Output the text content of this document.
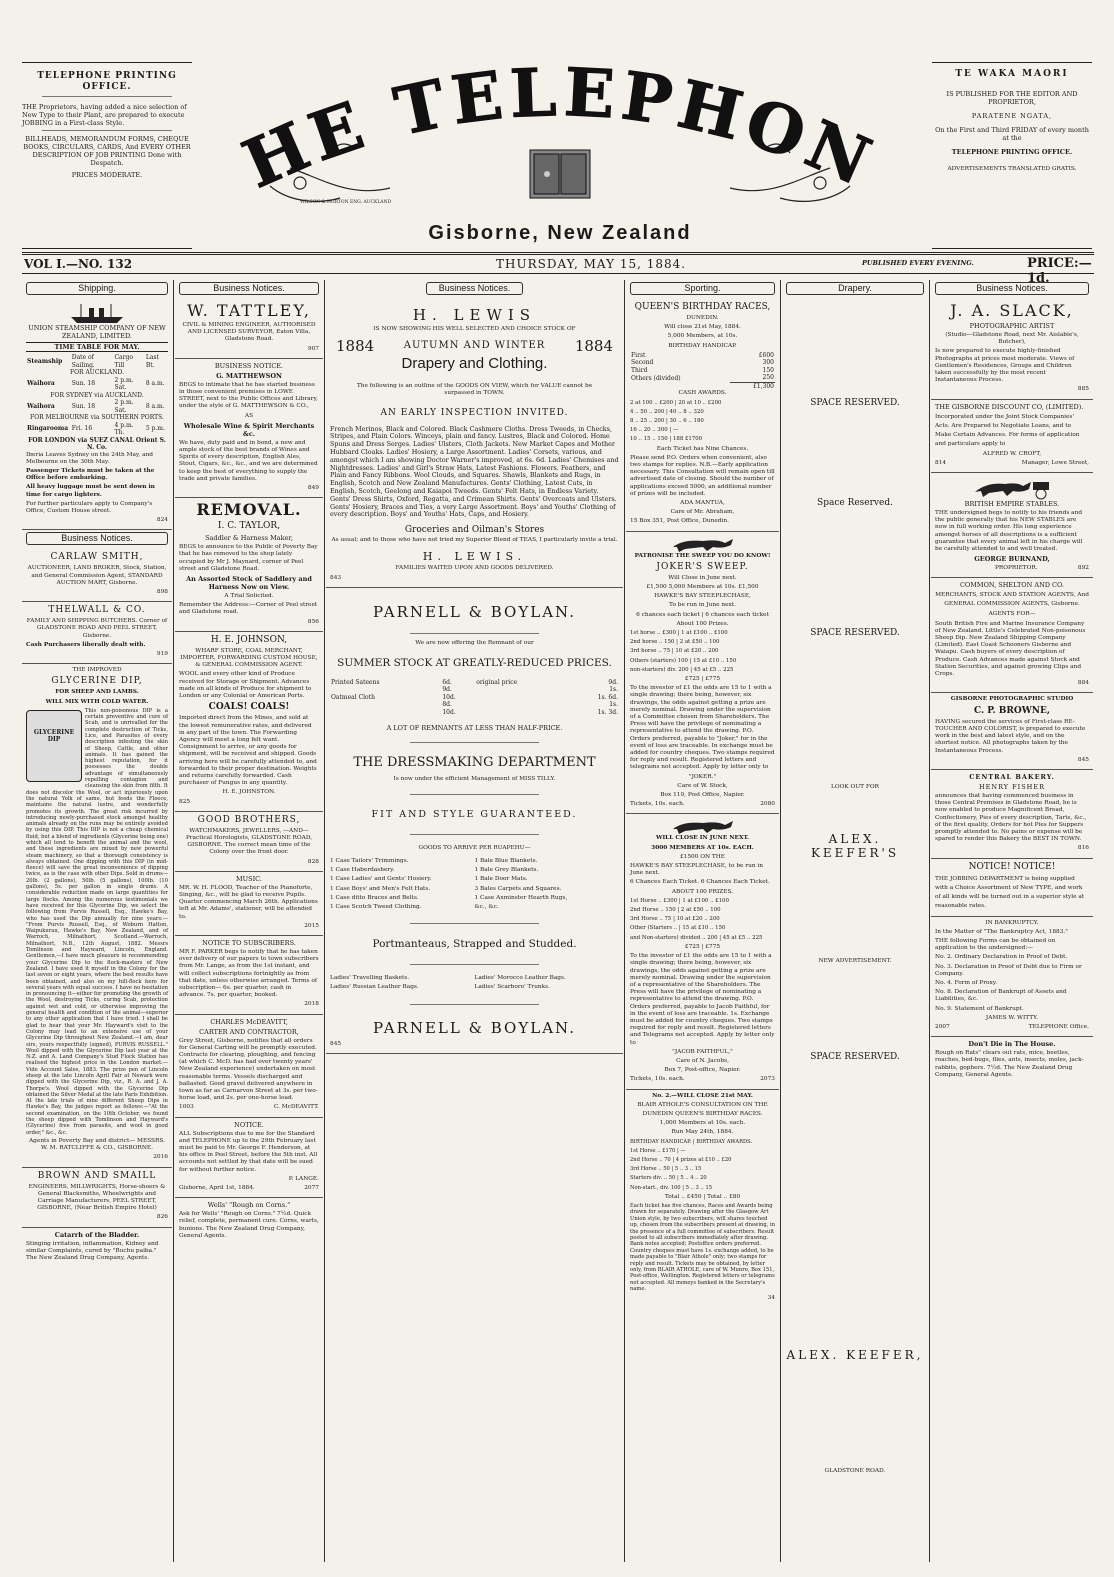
TELEPHONE PRINTING OFFICE.
THE Proprietors, having added a nice selection of New Type to their Plant, are prepared to execute JOBBING in a First-class Style.
BILLHEADS, MEMORANDUM FORMS, CHEQUE BOOKS, CIRCULARS, CARDS, And EVERY OTHER DESCRIPTION OF JOB PRINTING Done with Despatch.
PRICES MODERATE.	HE TELEPHON
WILSON & HORTON ENG. AUCKLAND
Gisborne, New Zealand
TE WAKA MAORI
IS PUBLISHED FOR THE EDITOR AND PROPRIETOR,
PARATENE NGATA,
On the First and Third FRIDAY of every month at the
TELEPHONE PRINTING OFFICE.
ADVERTISEMENTS TRANSLATED GRATIS.
VOL I.—NO. 132	THURSDAY, MAY 15, 1884.	PUBLISHED EVERY EVENING.	PRICE:—1d.
Shipping.

UNION STEAMSHIP COMPANY OF NEW ZEALAND, LIMITED.

TIME TABLE FOR MAY.

Steamship	Date of Sailing.	Cargo Till	Last Bt.
FOR AUCKLAND.			
Waihora	Sun. 18	2 p.m. Sat.	8 a.m.
FOR SYDNEY via AUCKLAND.			
Waihora	Sun. 18	2 p.m. Sat.	8 a.m.
FOR MELBOURNE via SOUTHERN PORTS.			
Ringarooma	Fri. 16	4 p.m. Th.	5 p.m.
FOR LONDON via SUEZ CANAL Orient S. N. Co.			

Iberia Leaves Sydney on the 24th May, and Melbourne on the 30th May.

Passenger Tickets must be taken at the Office before embarking.

All heavy luggage must be sent down in time for cargo lighters.

For further particulars apply to Company's Office, Custom House street.

824

Business Notices.

CARLAW SMITH,

AUCTIONEER, LAND BROKER, Stock, Station, and General Commission Agent, STANDARD AUCTION MART, Gisborne.

898

THELWALL & CO.

FAMILY AND SHIPPING BUTCHERS. Corner of GLADSTONE ROAD AND PEEL STREET, Gisborne.

Cash Purchasers liberally dealt with.

919

THE IMPROVED

GLYCERINE DIP,

FOR SHEEP AND LAMBS.

WILL MIX WITH COLD WATER.

GLYCERINE DIP

This non-poisonous DIP is a certain preventive and cure of Scab, and is unrivalled for the complete destruction of Ticks, Lice, and Parasites of every description infesting the skin of Sheep, Cattle, and other animals. It has gained the highest reputation, for it possesses the double advantage of simultaneously repelling contagion and cleansing the skin from filth. It does not discolor the Wool, or act injuriously upon the natural Yolk of same, but feeds the Fleece, maintains the natural lustre, and wonderfully promotes its growth. The great risk incurred by introducing newly-purchased stock amongst healthy animals already on the runs may be entirely avoided by using this DIP. This DIP is not a cheap chemical fluid, but a blend of ingredients (Glycerine being one) which all tend to benefit the animal and the wool, and these ingredients are mixed by new powerful steam machinery, so that a thorough consistency is always obtained. One dipping with this DIP (in mid-fleece) will save the great inconvenience of dipping twice, as is the case with other Dips. Sold in drums—20lb. (2 gallons), 50lb. (5 gallons), 100lb. (10 gallons), 5s. per gallon in single drums. A considerable reduction made on large quantities for large flocks. Among the numerous testimonials we have received for this Glycerine Dip, we select the following from Purvis Russell, Esq., Hawke's Bay, who has used the Dip annually for nine years:— "From Purvis Russell, Esq., of Woburn Hatton, Waipukurau, Hawke's Bay, New Zealand, and of Warroch, Milnathort, Scotland.—Warroch, Milnathort, N.B., 12th August, 1882. Messrs Tomlinson and Hayward, Lincoln, England. Gentlemen,—I have much pleasure in recommending your Glycerine Dip to the flock-masters of New Zealand. I have used it myself in the Colony for the last seven or eight years, where the best results have been obtained, and also on my hill-flock here for several years with equal success. I have no hesitation in pronouncing it—either for promoting the growth of the Wool, destroying Ticks, curing Scab, protection against wet and cold, or otherwise improving the general health and condition of the animal—superior to any other application that I have tried. I shall be glad to hear that your Mr. Hayward's visit to the Colony may lead to an extensive use of your Glycerine Dip throughout New Zealand.—I am, dear sirs, yours respectfully (signed), PURVIS RUSSELL." Wool dipped with the Glycerine Dip last year at the N.Z. and A. Land Company's Stud Flock Station has realised the highest price in the London market.—Vide Account Sales, 1883. The prize pen of Lincoln sheep at the late Lincoln April Fair at Newark were dipped with the Glycerine Dip, viz., R. A. and J. A. Thorpe's. Wool dipped with the Glycerine Dip obtained the Silver Medal at the late Paris Exhibition. At the late trials of nine different Sheep Dips in Hawke's Bay, the judges report as follows:—"At the second examination, on the 10th October, we found the sheep dipped with Tomlinson and Hayward's (Glycerine) free from parasite, and wool in good order," &c., &c.

Agents in Poverty Bay and district— MESSRS. W. M. RATCLIFFE & CO., GISBORNE.

2016

BROWN AND SMAILL

ENGINEERS, MILLWRIGHTS, Horse-shoers & General Blacksmiths, Wheelwrights and Carriage Manufacturers, PEEL STREET, GISBORNE, (Near British Empire Hotel)

826

Catarrh of the Bladder.

Stinging irritation, inflammation, Kidney and similar Complaints, cured by "Buchu paiba." The New Zealand Drug Company, Agents.

Business Notices.

W. TATTLEY,

CIVIL & MINING ENGINEER, AUTHORISED AND LICENSED SURVEYOR, Eaton Villa, Gladstone Road.

907

BUSINESS NOTICE.

G. MATTHEWSON

BEGS to intimate that he has started business in those convenient premises in LOWE STREET, next to the Public Offices and Library, under the style of G. MATTHEWSON & CO.,

AS

Wholesale Wine & Spirit Merchants &c.

We have, duty paid and in bond, a new and ample stock of the best brands of Wines and Spirits of every description, English Ales, Stout, Cigars, &c., &c., and we are determined to keep the best of everything to supply the trade and private families.

849

REMOVAL.

I. C. TAYLOR,

Saddler & Harness Maker,

BEGS to announce to the Public of Poverty Bay that he has removed to the shop lately occupied by Mr J. Maynard, corner of Peel street and Gladstone Road.

An Assorted Stock of Saddlery and Harness Now on View.

A Trial Solicited.

Remember the Address:—Corner of Peel street and Gladstone road.

856

H. E. JOHNSON,

WHARF STORE, COAL MERCHANT, IMPORTER, FORWARDING CUSTOM HOUSE, & GENERAL COMMISSION AGENT.

WOOL and every other kind of Produce received for Storage or Shipment. Advances made on all kinds of Produce for shipment to London or any Colonial or American Ports.

COALS! COALS!

Imported direct from the Mines, and sold at the lowest remunerative rates, and delivered in any part of the town. The Forwarding Agency will meet a long felt want. Consignment to arrive, or any goods for shipment, will be received and shipped. Goods arriving here will be carefully attended to, and forwarded to their proper destination. Weights and returns carefully forwarded. Cash purchaser of Fungus in any quantity.

H. E. JOHNSTON.

825

GOOD BROTHERS,

WATCHMAKERS, JEWELLERS, —AND— Practical Horologists, GLADSTONE ROAD, GISBORNE. The correct mean time of the Colony over the front door.

828

MUSIC.

MR. W. H. FLOOD, Teacher of the Pianoforte, Singing, &c., will be glad to receive Pupils. Quarter commencing March 26th. Applications left at Mr. Adams', stationer, will be attended to.

2015

NOTICE TO SUBSCRIBERS.

MR F. PARKER begs to notify that he has taken over delivery of our papers to town subscribers from Mr. Lange, as from the 1st instant, and will collect subscriptions fortnightly as from that date, unless otherwise arranged. Terms of subscription— 6s. per quarter, cash in advance. 7s. per quarter, booked.

2018

CHARLES McDEAVITT,

CARTER AND CONTRACTOR,

Grey Street, Gisborne, notifies that all orders for General Carting will be promptly executed. Contracts for clearing, ploughing, and fencing (at which C. McD. has had over twenty years' New Zealand experience) undertaken on most reasonable terms. Vessels discharged and ballasted. Good gravel delivered anywhere in town as far as Carnarvon Street at 3s. per two-horse load, and 2s. per one-horse load.

1003	C. McDEAVITT.

NOTICE.

ALL Subscriptions due to me for the Standard and TELEPHONE up to the 29th February last must be paid to Mr. George F. Henderson, at his office in Peel Street, before the 5th inst. All accounts not settled by that date will be sued for without further notice.

P. LANGE.

Gisborne, April 1st, 1884.	2077

Wells' "Rough on Corns."

Ask for Wells' "Rough on Corns." 7½d. Quick relief, complete, permanent cure. Corns, warts, bunions. The New Zealand Drug Company, General Agents.

Business Notices.

H. LEWIS

IS NOW SHOWING HIS WELL SELECTED AND CHOICE STOCK OF

1884	AUTUMN AND WINTER	1884

Drapery and Clothing.

The following is an outline of the GOODS ON VIEW, which for VALUE cannot be surpassed in TOWN.

AN EARLY INSPECTION INVITED.

French Merinos, Black and Colored. Black Cashmere Cloths. Dress Tweeds, in Checks, Stripes, and Plain Colors. Winceys, plain and fancy. Lustres, Black and Colored. Home Spuns and Dress Serges. Ladies' Ulsters, Cloth Jackets. New Market Capes and Mother Hubbard Cloaks. Ladies' Hosiery, a Large Assortment. Ladies' Corsets, various, and amongst which I am showing Doctor Warner's improved, at 6s. 6d. Ladies' Chemises and Nightdresses. Ladies' and Girl's Straw Hats, Latest Fashions. Flowers. Feathers, and Plain and Fancy Ribbons. Wool Clouds, and Squares. Shawls, Blankets and Rugs, in English, Scotch and New Zealand Manufactures. Gents' Clothing, Latest Cuts, in English, Scotch, Geelong and Kaiapoi Tweeds. Gents' Felt Hats, in Endless Variety. Gents' Dress Shirts, Oxford, Regatta, and Crimean Shirts. Gents' Overcoats and Ulsters. Gents' Hosiery, Braces and Ties, a very Large Assortment. Boys' and Youths' Clothing of every description. Boys' and Youths' Hats, Caps, and Hosiery.

Groceries and Oilman's Stores

As usual; and to those who have not tried my Superior Blend of TEAS, I particularly invite a trial.

H. LEWIS.

FAMILIES WAITED UPON AND GOODS DELIVERED.

843

PARNELL & BOYLAN.

We are now offering the Remnant of our

SUMMER STOCK AT GREATLY-REDUCED PRICES.

Printed Sateens	6d.	original price	9d.
	9d.		1s.
Oatmeal Cloth	10d.		1s. 6d.
	8d.		1s.
	10d.		1s. 3d.

A LOT OF REMNANTS AT LESS THAN HALF-PRICE.

THE DRESSMAKING DEPARTMENT

Is now under the efficient Management of MISS TILLY.

FIT AND STYLE GUARANTEED.

GOODS TO ARRIVE PER RUAPEHU—

1 Case Tailors' Trimmings.

1 Case Haberdashery.

1 Case Ladies' and Gents' Hosiery.

1 Case Boys' and Men's Felt Hats.

1 Case ditto Braces and Belts.

1 Case Scotch Tweed Clothing.

1 Bale Blue Blankets.

1 Bale Grey Blankets.

1 Bale Door Mats.

3 Bales Carpets and Squares.

1 Case Axminster Hearth Rugs,

&c., &c.

Portmanteaus, Strapped and Studded.

Ladies' Travelling Baskets.

Ladies' Russian Leather Bags.

Ladies' Morocco Leather Bags.

Ladies' Scarboro' Trunks.

PARNELL & BOYLAN.

845

Sporting.

QUEEN'S BIRTHDAY RACES,

DUNEDIN.

Will close 21st May, 1884.

5,000 Members, at 10s.

BIRTHDAY HANDICAP.

First	£600
Second	300
Third	150
Others (divided)	250
	£1,300

CASH AWARDS.

2 at 100 .. £200 | 20 at 10 .. £200

4 .. 50 .. 200 | 40 .. 8 .. 320

8 .. 25 .. 200 | 30 .. 6 .. 180

16 .. 20 .. 300 | —

10 .. 15 .. 150 | 188 £1700

Each Ticket has Nine Chances.

Please send P.O. Orders when convenient, also two stamps for replies. N.B.—Early application necessary. This Consultation will remain open till advertised date of closing. Should the number of applications exceed 5000, an additional number of prizes will be included.

ADA MANTUA,

Care of Mr. Abraham,

15 Box 351, Post Office, Dunedin.

PATRONISE THE SWEEP YOU DO KNOW!

JOKER'S SWEEP.

Will Close in June next.

£1,500 5,000 Members at 10s. £1,500

HAWKE'S BAY STEEPLECHASE,

To be run in June next.

6 chances each ticket | 6 chances each ticket

About 100 Prizes.

1st horse .. £300 | 1 at £100 .. £100

2nd horse .. 150 | 2 at £50 .. 100

3rd horse .. 75 | 10 at £20 .. 200

Others (starters) 100 | 15 at £10 .. 150

non-starters) div. 200 | 45 at £5 .. 225

£725 | £775

To the investor of £1 the odds are 15 to 1 with a single drawing; there being, however, six drawings, the odds against getting a prize are merely nominal. Drawing under the supervision of a Committee chosen from Shareholders. The Press will have the privilege of nominating a representative to attend the drawing. P.O. Orders preferred, payable to "Joker," for in the event of loss are traceable. In exchange must be added for country cheques. Two stamps required for reply and result. Registered letters and telegrams not accepted. Apply by letter only to

"JOKER."

Care of W. Stock,

Box 119, Post Office, Napier.

Tickets, 10s. each.	2080

WILL CLOSE IN JUNE NEXT.

3000 MEMBERS AT 10s. EACH.

£1500 ON THE

HAWKE'S BAY STEEPLECHASE, to be run in June next.

6 Chances Each Ticket. 6 Chances Each Ticket.

ABOUT 100 PRIZES.

1st Horse .. £300 | 1 at £100 .. £100

2nd Horse .. 150 | 2 at £50 .. 100

3rd Horse .. 75 | 10 at £20 .. 200

Other (Starters .. | 15 at £10 .. 150

and Non-starters) divided .. 200 | 45 at £5 .. 225

£725 | £775

To the investor of £1 the odds are 15 to 1 with a single drawing; there being, however, six drawings, the odds against getting a prize are merely nominal. Drawing under the supervision of a representative of the Shareholders. The Press will have the privilege of nominating a representative to attend the drawing. P.O. Orders preferred, payable to Jacob Faithful, for in the event of loss are traceable. 1s. Exchange must be added for country cheques. Two stamps required for reply and result. Registered letters and Telegrams not accepted. Apply by letter only to

"JACOB FAITHFUL,"

Care of N. Jacobs,

Box 7, Post-office, Napier.

Tickets, 10s. each.	2073

No. 2.—WILL CLOSE 21st MAY.

BLAIR ATHOLE'S CONSULTATION ON THE

DUNEDIN QUEEN'S BIRTHDAY RACES.

1,000 Members at 10s. each.

Run May 24th, 1884.

BIRTHDAY HANDICAP. | BIRTHDAY AWARDS.

1st Horse .. £170 | —

2nd Horse .. 70 | 4 prizes at £10 .. £20

3rd Horse .. 50 | 5 .. 3 .. 15

Starters div. .. 50 | 5 .. 4 .. 20

Non-start., div. 100 | 5 .. 3 .. 15

Total .. £450 | Total .. £80

Each ticket has five chances, Races and Awards being drawn for separately. Drawing after the Glasgow Art Union style, by two subscribers, will shares touched up, chosen from the subscribers present at drawing, in the presence of a full committee of subscribers. Result posted to all subscribers immediately after drawing. Bank notes accepted; Postoffice orders preferred. Country cheques must have 1s. exchange added, to be made payable to "Blair Athole" only; two stamps for reply and result. Tickets may be obtained, by letter only, from BLAIR ATHOLE, care of W. Munro, Box 151, Post-office, Wellington. Registered letters or telegrams not accepted. All moneys banked in the Secretary's name.

34

Drapery.
SPACE RESERVED.
Space Reserved.
SPACE RESERVED.
LOOK OUT FOR
ALEX. KEEFER'S
NEW ADVERTISEMENT.
SPACE RESERVED.
ALEX. KEEFER,
GLADSTONE ROAD.
Business Notices.

J. A. SLACK,

PHOTOGRAPHIC ARTIST

(Studio—Gladstone Road, next Mr. Aislabie's, Butcher),

Is now prepared to execute highly-finished Photographs at prices most moderate. Views of Gentlemen's Residences, Groups and Children taken successfully by the most recent Instantaneous Process.

885

THE GISBORNE DISCOUNT CO, (LIMITED).

Incorporated under the Joint Stock Companies' Acts. Are Prepared to Negotiate Loans, and to Make Certain Advances. For forms of application and particulars apply to

ALFRED W. CROFT,

814	Manager, Lowe Street,

BRITISH EMPIRE STABLES.

THE undersigned begs to notify to his friends and the public generally that his NEW STABLES are now in full working order. His long experience amongst horses of all descriptions is a sufficient guarantee that every animal left in his charge will be carefully attended to and well treated.

GEORGE BURNAND,

PROPRIETOR.	892

COMMON, SHELTON AND CO.

MERCHANTS, STOCK AND STATION AGENTS, And GENERAL COMMISSION AGENTS, Gisborne.

AGENTS FOR—

South British Fire and Marine Insurance Company of New Zealand. Little's Celebrated Non-poisonous Sheep Dip. New Zealand Shipping Company (Limited). East Coast Schooners Gisborne and Waiapu. Cash buyers of every description of Produce. Cash Advances made against Stock and Station Securities, and against growing Clips and Crops.

884

GISBORNE PHOTOGRAPHIC STUDIO

C. P. BROWNE,

HAVING secured the services of First-class RE-TOUCHER AND COLORIST, is prepared to execute work in the best and latest style, and on the shortest notice. All photographs taken by the Instantaneous Process.

845

CENTRAL BAKERY.

HENRY FISHER

announces that having commenced business in those Central Premises in Gladstone Road, he is now enabled to produce Magnificent Bread, Confectionery, Pies of every description, Tarts, &c., of the first quality. Orders for hot Pies for Suppers promptly attended to. No pains or expense will be spared to render this Bakery the BEST IN TOWN.

816

NOTICE! NOTICE!

THE JOBBING DEPARTMENT is being supplied with a Choice Assortment of New TYPE, and work of all kinds will be turned out in a superior style at reasonable rates.

IN BANKRUPTCY.

In the Matter of "The Bankruptcy Act, 1883."

THE following Forms can be obtained on application to the undersigned:—

No. 2. Ordinary Declaration in Proof of Debt.

No. 3. Declaration in Proof of Debt due to Firm or Company.

No. 4. Form of Proxy.

No. 8. Declaration of Bankrupt of Assets and Liabilities, &c.

No. 9. Statement of Bankrupt.

JAMES W. WITTY.

2007	TELEPHONE Office.

Don't Die in The House.

Rough on Rats" clears out rats, mice, beetles, roaches, bed-bugs, flies, ants, insects, moles, jack-rabbits, gophers. 7½d. The New Zealand Drug Company, General Agents.
